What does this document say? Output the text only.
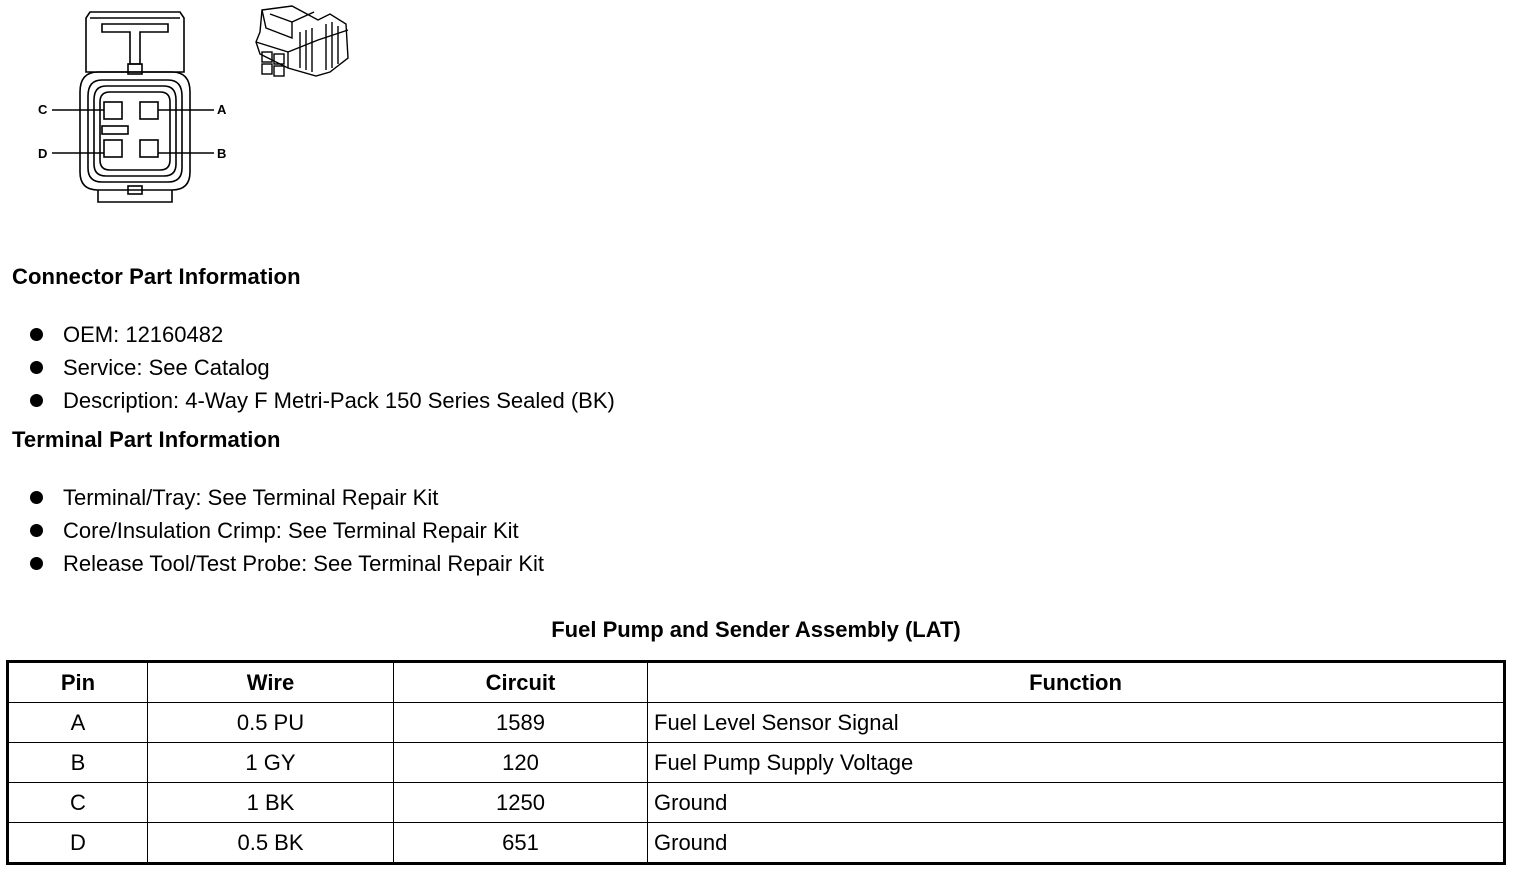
C	A
D	B
Connector Part Information
OEM: 12160482
Service: See Catalog
Description: 4-Way F Metri-Pack 150 Series Sealed (BK)
Terminal Part Information
Terminal/Tray: See Terminal Repair Kit
Core/Insulation Crimp: See Terminal Repair Kit
Release Tool/Test Probe: See Terminal Repair Kit
Fuel Pump and Sender Assembly (LAT)
Pin	Wire	Circuit	Function
A	0.5 PU	1589	Fuel Level Sensor Signal
B	1 GY	120	Fuel Pump Supply Voltage
C	1 BK	1250	Ground
D	0.5 BK	651	Ground
